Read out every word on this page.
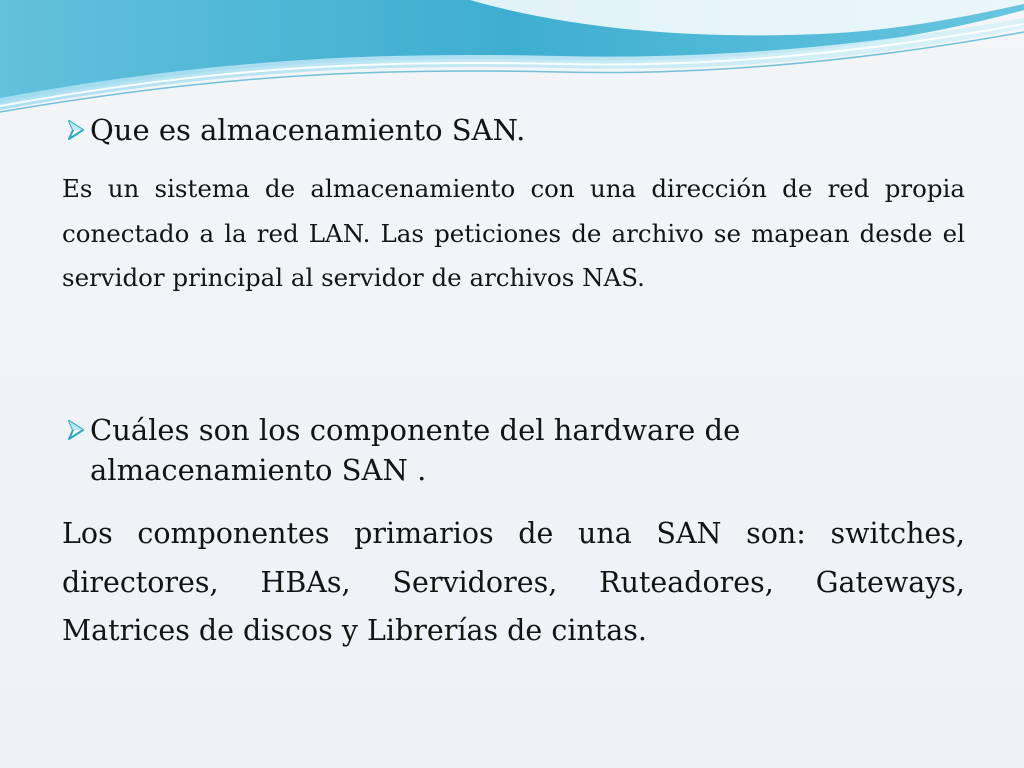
Que es almacenamiento SAN.
Es un sistema de almacenamiento con una dirección de red propia conectado a la red LAN. Las peticiones de archivo se mapean desde el servidor principal al servidor de archivos NAS.
Cuáles son los componente del hardware de
almacenamiento SAN .
Los componentes primarios de una SAN son: switches, directores, HBAs, Servidores, Ruteadores, Gateways, Matrices de discos y Librerías de cintas.
